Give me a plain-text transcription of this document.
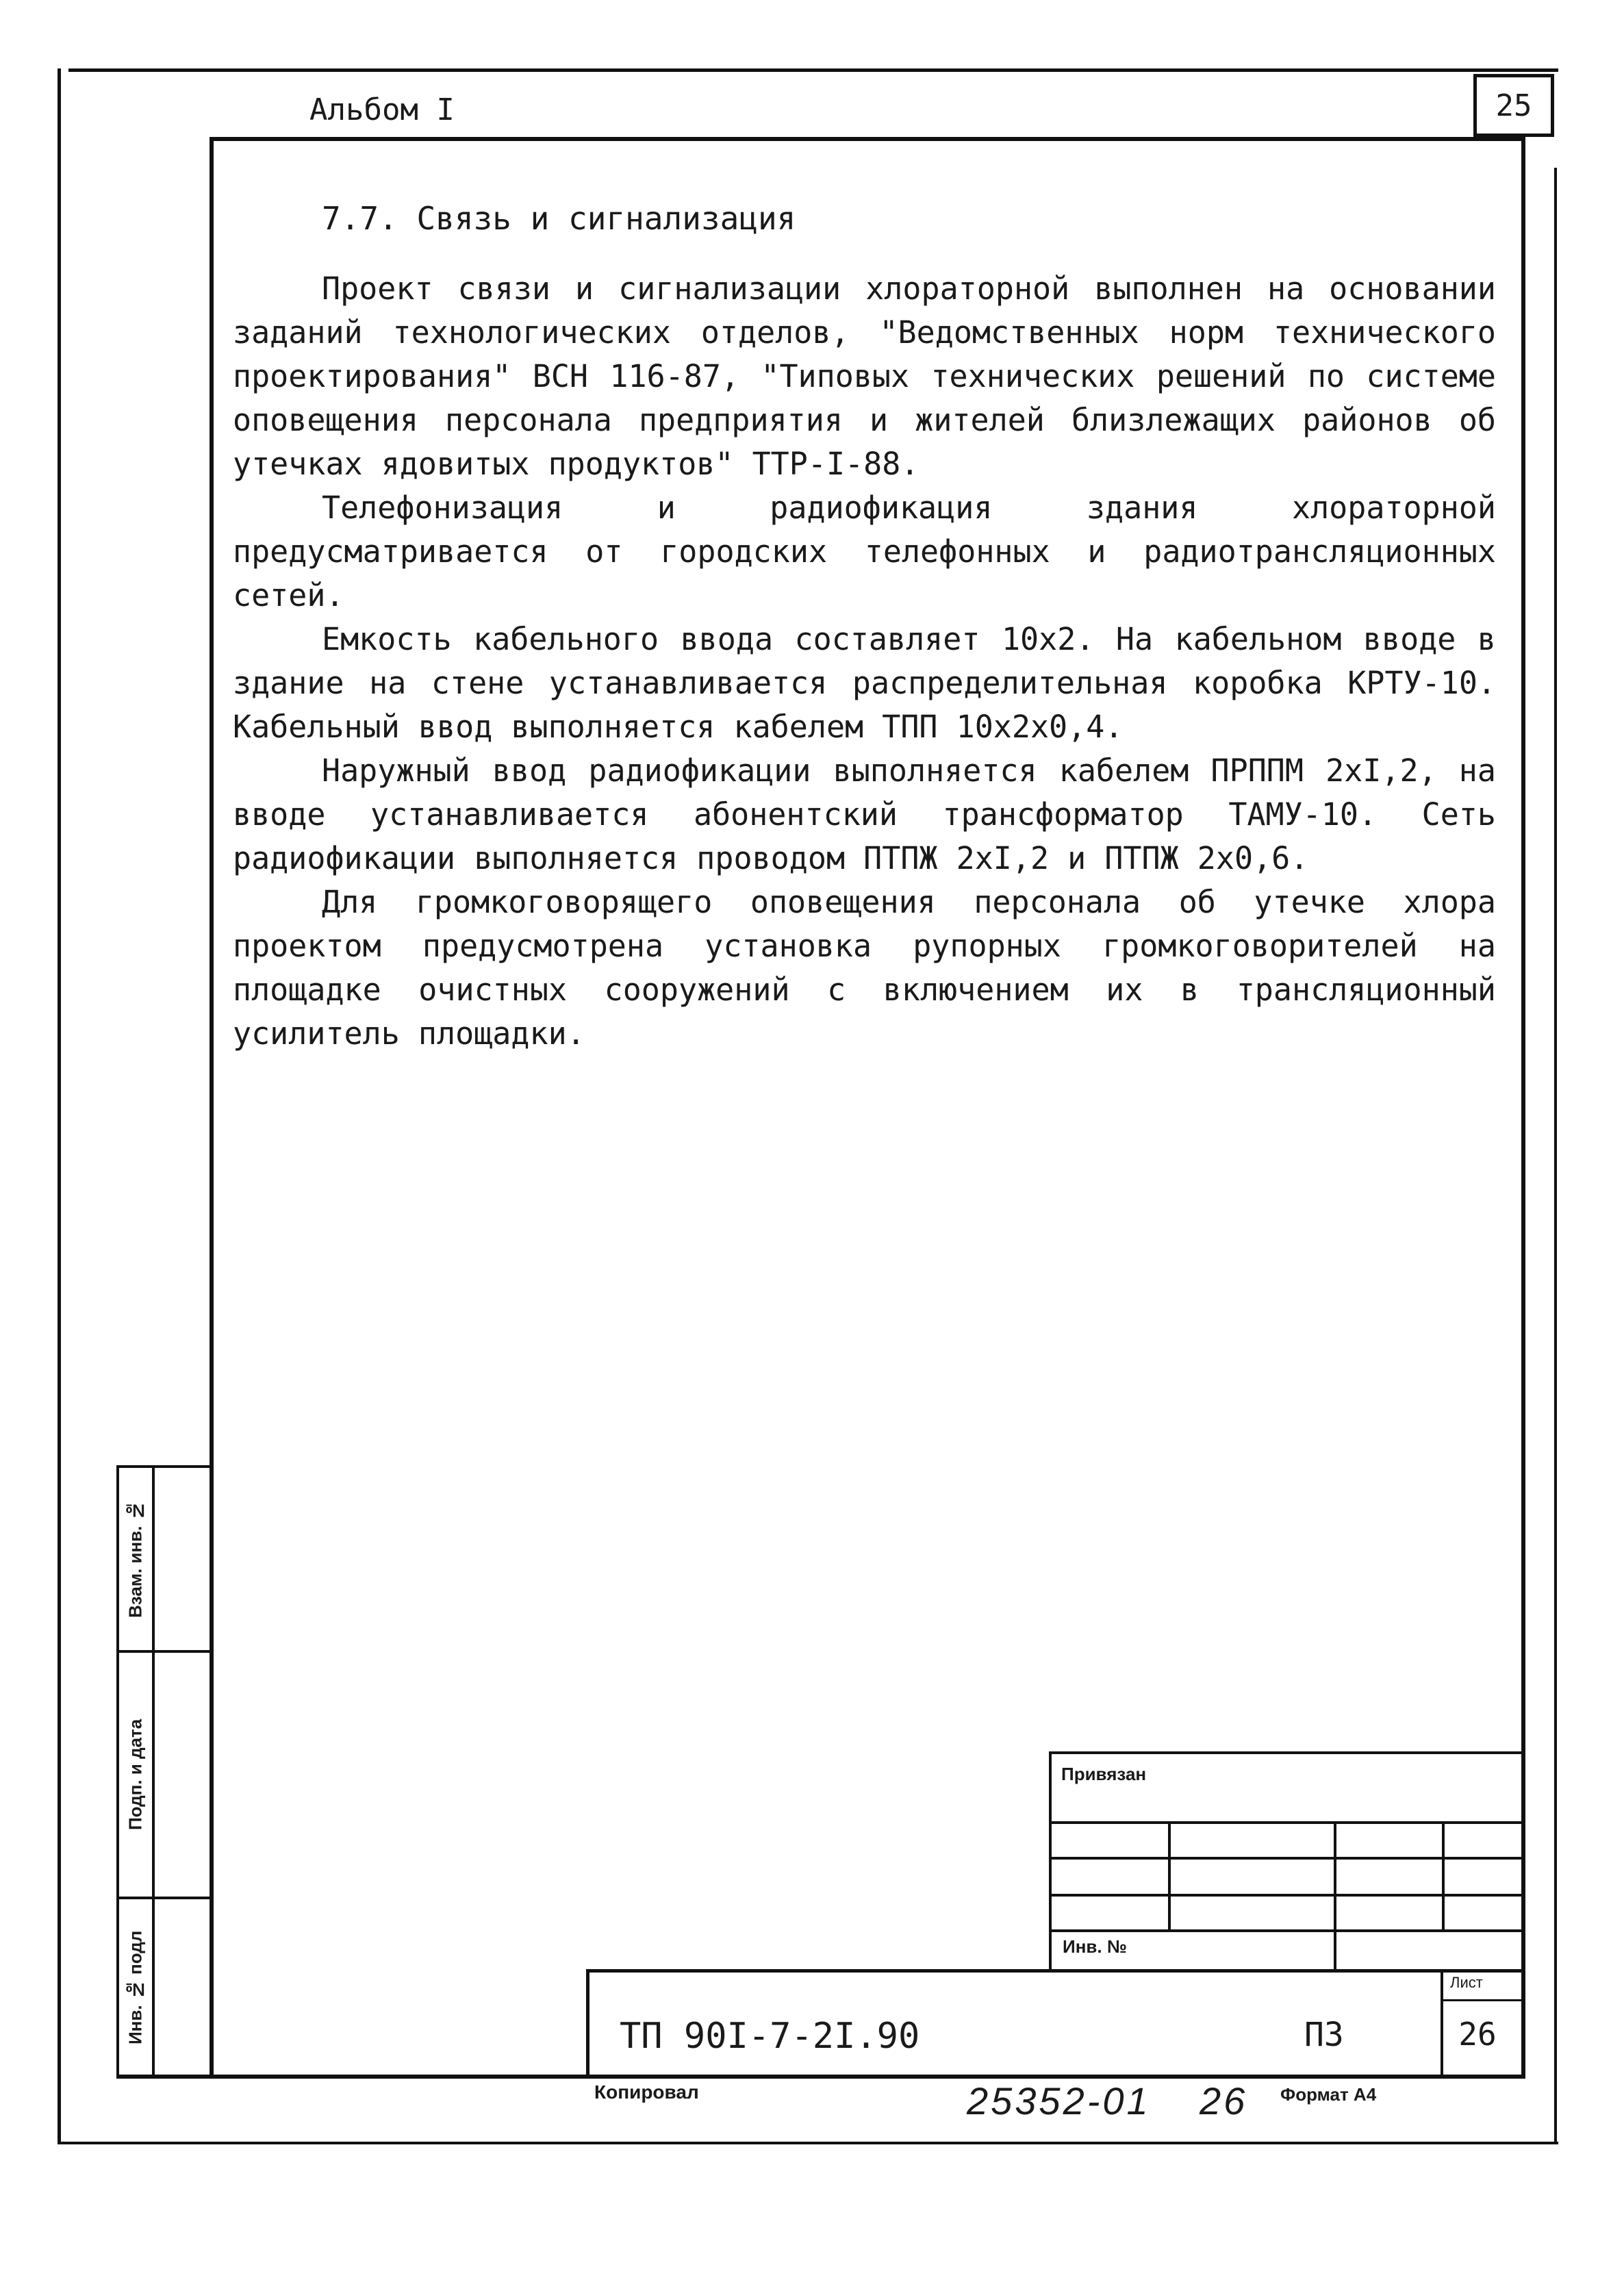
Альбом I	25
7.7. Связь и сигнализация

Проект связи и сигнализации хлораторной выполнен на основании заданий технологических отделов, "Ведомственных норм технического проектирования" ВСН 116-87, "Типовых технических решений по системе оповещения персонала предприятия и жителей близлежащих районов об утечках ядовитых продуктов" ТТР-I-88.

Телефонизация и радиофикация здания хлораторной предусматривается от городских телефонных и радиотрансляционных сетей.

Емкость кабельного ввода составляет 10х2. На кабельном вводе в здание на стене устанавливается распределительная коробка КРТУ-10. Кабельный ввод выполняется кабелем ТПП 10х2х0,4.

Наружный ввод радиофикации выполняется кабелем ПРППМ 2хI,2, на вводе устанавливается абонентский трансформатор ТАМУ-10. Сеть радиофикации выполняется проводом ПТПЖ 2хI,2 и ПТПЖ 2х0,6.

Для громкоговорящего оповещения персонала об утечке хлора проектом предусмотрена установка рупорных громкоговорителей на площадке очистных сооружений с включением их в трансляционный усилитель площадки.

Взам. инв. №
Подп. и дата
Инв. № подл
Привязан
Инв. №
ТП 90I-7-2I.90	ПЗ
Лист
26
Копировал	25352-01 26 Формат А4
